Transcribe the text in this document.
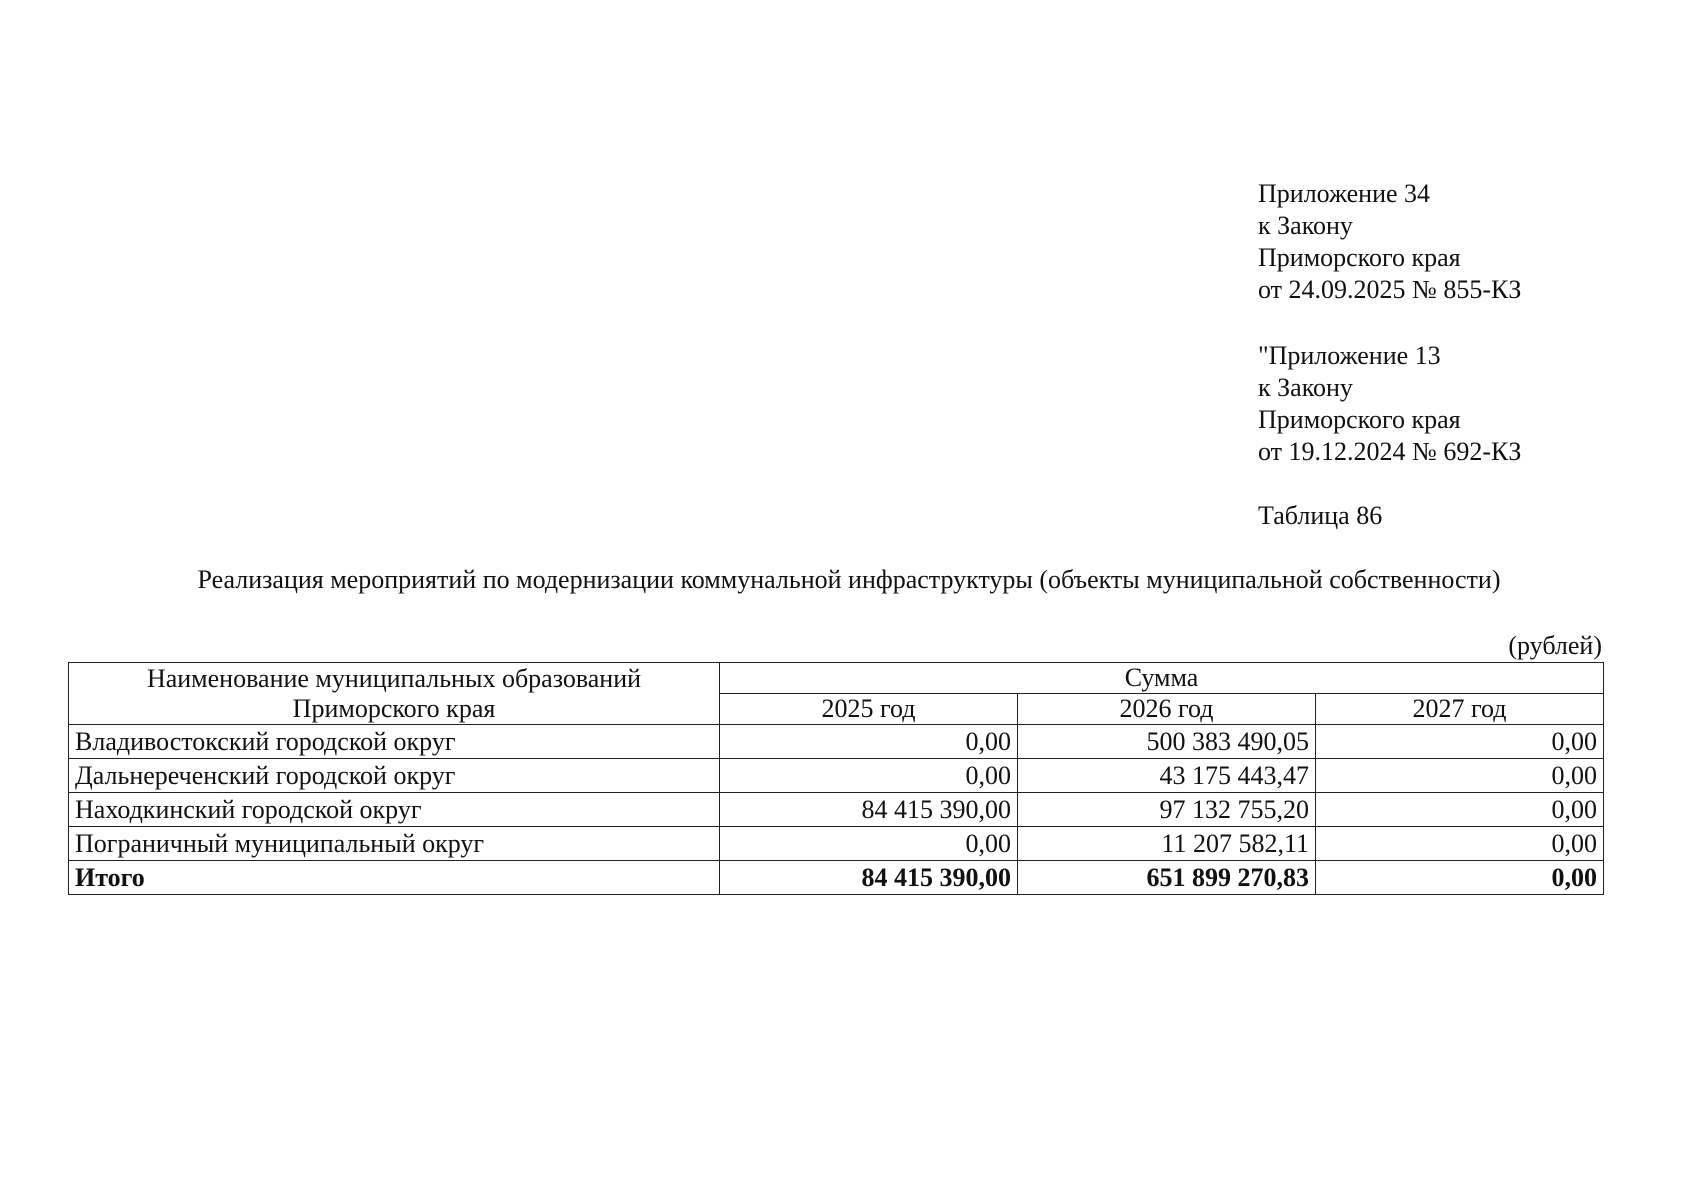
Приложение 34
к Закону
Приморского края
от 24.09.2025 № 855-КЗ
"Приложение 13
к Закону
Приморского края
от 19.12.2024 № 692-КЗ
Таблица 86
Реализация мероприятий по модернизации коммунальной инфраструктуры (объекты муниципальной собственности)
(рублей)
Наименование муниципальных образований
Приморского края	Сумма		
	2025 год	2026 год	2027 год
Владивостокский городской округ	0,00	500 383 490,05	0,00
Дальнереченский городской округ	0,00	43 175 443,47	0,00
Находкинский городской округ	84 415 390,00	97 132 755,20	0,00
Пограничный муниципальный округ	0,00	11 207 582,11	0,00
Итого	84 415 390,00	651 899 270,83	0,00
